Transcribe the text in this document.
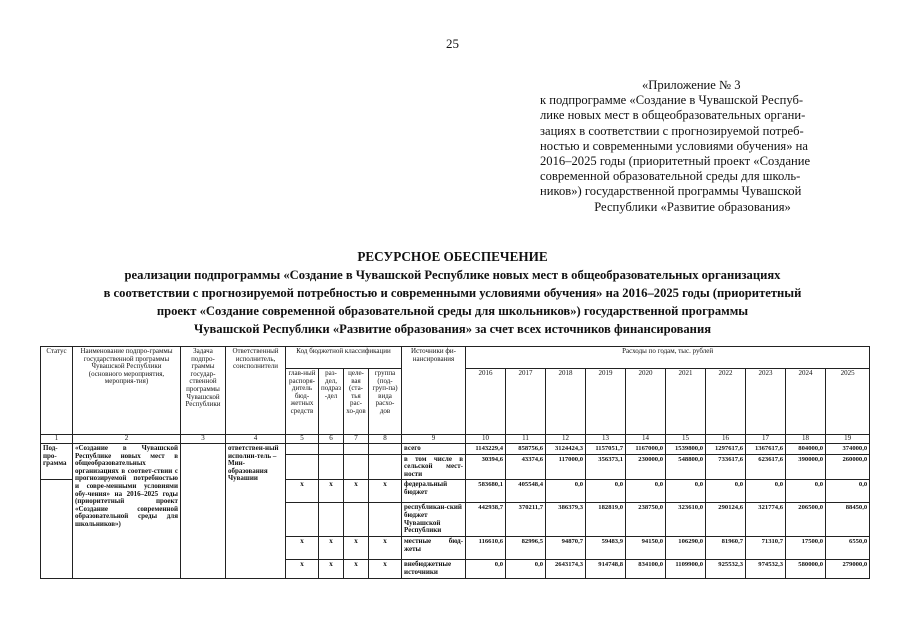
25
«Приложение № 3
к подпрограмме «Создание в Чувашской Респуб-
лике новых мест в общеобразовательных органи-
зациях в соответствии с прогнозируемой потреб-
ностью и современными условиями обучения» на
2016–2025 годы (приоритетный проект «Создание
современной образовательной среды для школь-
ников») государственной программы Чувашской
Республики «Развитие образования»
РЕСУРСНОЕ ОБЕСПЕЧЕНИЕ
реализации подпрограммы «Создание в Чувашской Республике новых мест в общеобразовательных организациях
в соответствии с прогнозируемой потребностью и современными условиями обучения» на 2016–2025 годы (приоритетный
проект «Создание современной образовательной среды для школьников») государственной программы
Чувашской Республики «Развитие образования» за счет всех источников финансирования
Статус	Наименование подпро-граммы государственной программы Чувашской Республики (основного мероприятия, мероприя-тия)	Задача подпро-граммы государ-ственной программы Чувашской Республики	Ответственный исполнитель, соисполнители	Код бюджетной классификации				Источники фи-нансирования	Расходы по годам, тыс. рублей									
				глав-ный распоря-дитель бюд-жетных средств	раз-дел, подраз-дел	целе-вая (ста-тья рас-хо-дов	группа (под-груп-па) вида расхо-дов		2016	2017	2018	2019	2020	2021	2022	2023	2024	2025
1	2	3	4	5	6	7	8	9	10	11	12	13	14	15	16	17	18	19
Под-про-грамма	«Создание в Чувашской Республике новых мест в общеобразовательных организациях в соответ-ствии с прогнозируемой потребностью и совре-менными условиями обу-чения» на 2016–2025 годы (приоритетный проект «Создание современной образовательной среды для школьников»)		ответствен-ный исполни-тель – Мин-образования Чувашии					всего	1143229,4	858756,6	3124424,3	1157051,7	1167000,0	1539800,0	1297617,6	1367617,6	804000,0	374000,0
								в том числе в сельской мест-ности	30394,6	43374,6	117000,0	356373,1	230000,0	548800,0	733617,6	623617,6	390000,0	260000,0
				x	x	x	x	федеральный бюджет	583680,1	405548,4	0,0	0,0	0,0	0,0	0,0	0,0	0,0	0,0
								республикан-ский бюджет Чувашской Республики	442938,7	370211,7	386379,3	182819,0	238750,0	323610,0	290124,6	321774,6	206500,0	88450,0
				x	x	x	x	местные бюд-жеты	116610,6	82996,5	94870,7	59483,9	94150,0	106290,0	81960,7	71310,7	17500,0	6550,0
				x	x	x	x	внебюджетные источники	0,0	0,0	2643174,3	914748,8	834100,0	1109900,0	925532,3	974532,3	580000,0	279000,0
